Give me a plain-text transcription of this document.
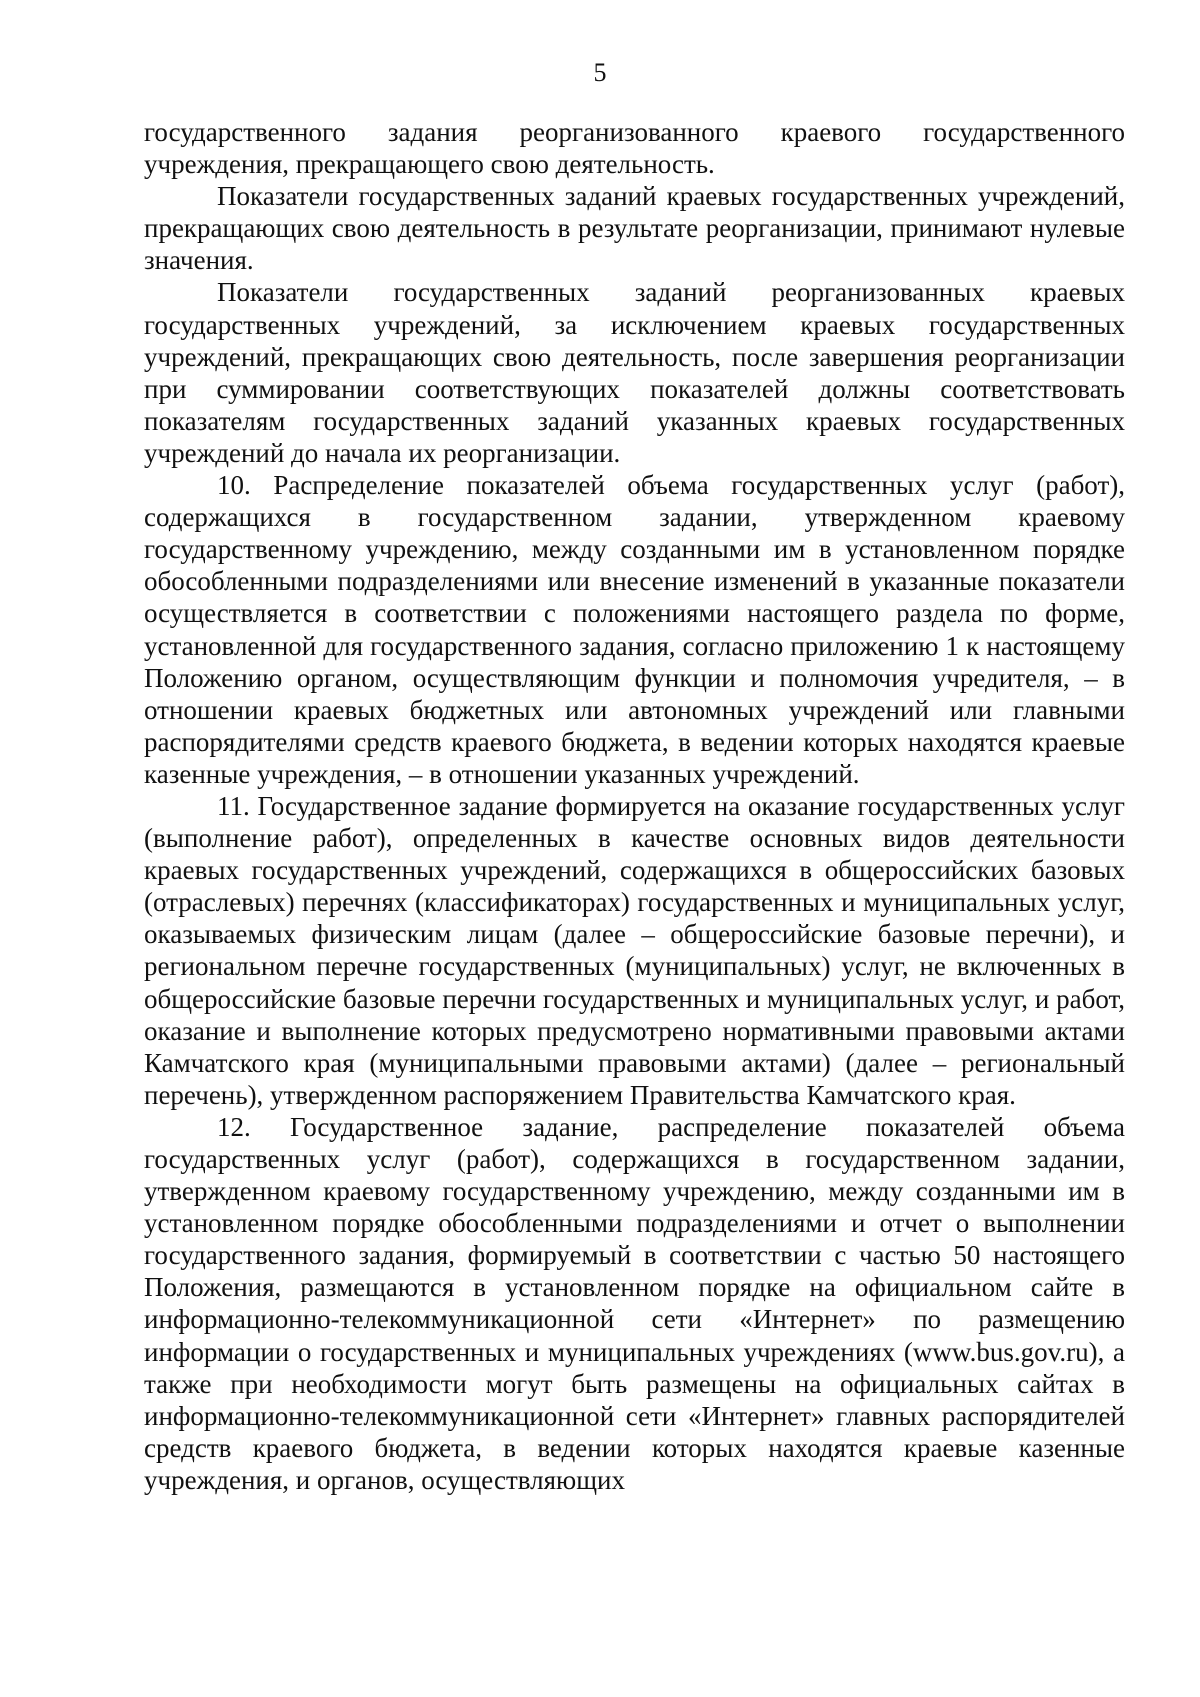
5

государственного задания реорганизованного краевого государственного учреждения, прекращающего свою деятельность.

Показатели государственных заданий краевых государственных учреждений, прекращающих свою деятельность в результате реорганизации, принимают нулевые значения.

Показатели государственных заданий реорганизованных краевых государственных учреждений, за исключением краевых государственных учреждений, прекращающих свою деятельность, после завершения реорганизации при суммировании соответствующих показателей должны соответствовать показателям государственных заданий указанных краевых государственных учреждений до начала их реорганизации.

10. Распределение показателей объема государственных услуг (работ), содержащихся в государственном задании, утвержденном краевому государственному учреждению, между созданными им в установленном порядке обособленными подразделениями или внесение изменений в указанные показатели осуществляется в соответствии с положениями настоящего раздела по форме, установленной для государственного задания, согласно приложению 1 к настоящему Положению органом, осуществляющим функции и полномочия учредителя, – в отношении краевых бюджетных или автономных учреждений или главными распорядителями средств краевого бюджета, в ведении которых находятся краевые казенные учреждения, – в отношении указанных учреждений.

11. Государственное задание формируется на оказание государственных услуг (выполнение работ), определенных в качестве основных видов деятельности краевых государственных учреждений, содержащихся в общероссийских базовых (отраслевых) перечнях (классификаторах) государственных и муниципальных услуг, оказываемых физическим лицам (далее – общероссийские базовые перечни), и региональном перечне государственных (муниципальных) услуг, не включенных в общероссийские базовые перечни государственных и муниципальных услуг, и работ, оказание и выполнение которых предусмотрено нормативными правовыми актами Камчатского края (муниципальными правовыми актами) (далее – региональный перечень), утвержденном распоряжением Правительства Камчатского края.

12. Государственное задание, распределение показателей объема государственных услуг (работ), содержащихся в государственном задании, утвержденном краевому государственному учреждению, между созданными им в установленном порядке обособленными подразделениями и отчет о выполнении государственного задания, формируемый в соответствии с частью 50 настоящего Положения, размещаются в установленном порядке на официальном сайте в информационно-телекоммуникационной сети «Интернет» по размещению информации о государственных и муниципальных учреждениях (www.bus.gov.ru), а также при необходимости могут быть размещены на официальных сайтах в информационно-телекоммуникационной сети «Интернет» главных распорядителей средств краевого бюджета, в ведении которых находятся краевые казенные учреждения, и органов, осуществляющих
